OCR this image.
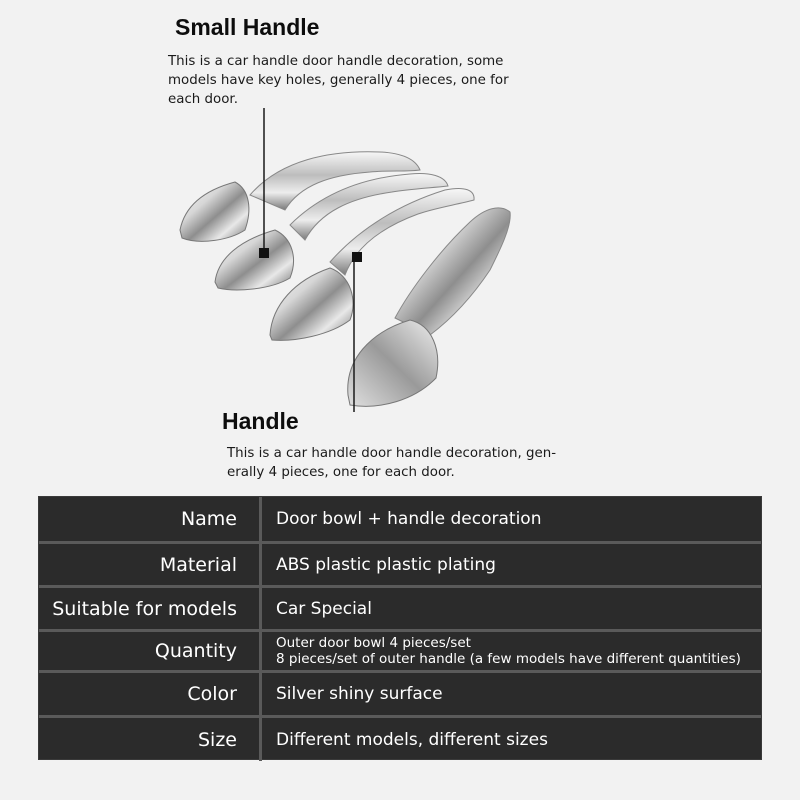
Small Handle
This is a car handle door handle decoration, some
models have key holes, generally 4 pieces, one for
each door.
Handle
This is a car handle door handle decoration, gen-
erally 4 pieces, one for each door.
Name	Door bowl + handle decoration
Material	ABS plastic plastic plating
Suitable for models	Car Special
Quantity	Outer door bowl 4 pieces/set
8 pieces/set of outer handle (a few models have different quantities)
Color	Silver shiny surface
Size	Different models, different sizes
